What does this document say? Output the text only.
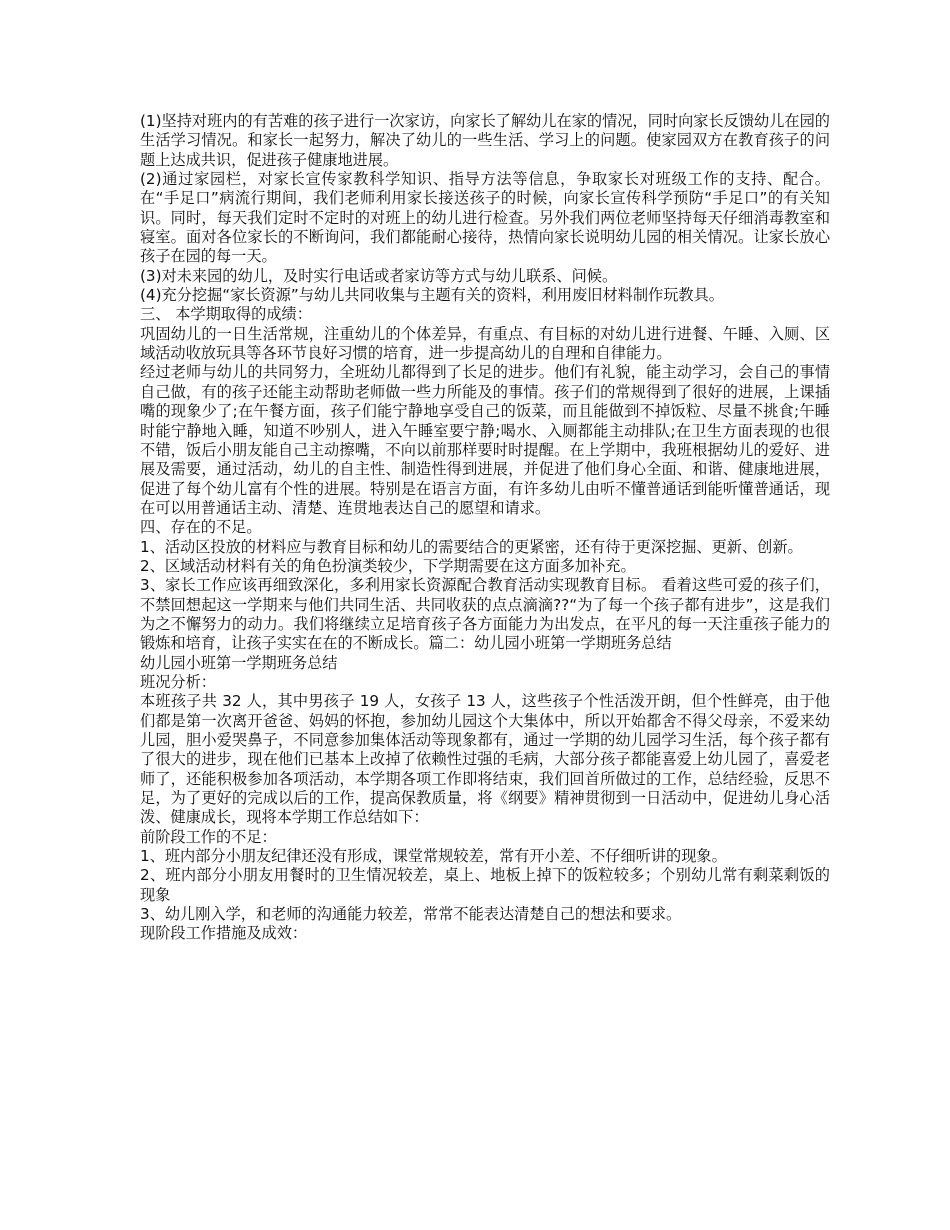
(1)坚持对班内的有苦难的孩子进行一次家访，向家长了解幼儿在家的情况，同时向家长反馈幼儿在园的生活学习情况。和家长一起努力，解决了幼儿的一些生活、学习上的问题。使家园双方在教育孩子的问题上达成共识，促进孩子健康地进展。

(2)通过家园栏，对家长宣传家教科学知识、指导方法等信息，争取家长对班级工作的支持、配合。在“手足口”病流行期间，我们老师利用家长接送孩子的时候，向家长宣传科学预防“手足口”的有关知识。同时，每天我们定时不定时的对班上的幼儿进行检查。另外我们两位老师坚持每天仔细消毒教室和寝室。面对各位家长的不断询问，我们都能耐心接待，热情向家长说明幼儿园的相关情况。让家长放心孩子在园的每一天。

(3)对未来园的幼儿，及时实行电话或者家访等方式与幼儿联系、问候。

(4)充分挖掘“家长资源”与幼儿共同收集与主题有关的资料，利用废旧材料制作玩教具。

三、 本学期取得的成绩：

巩固幼儿的一日生活常规，注重幼儿的个体差异，有重点、有目标的对幼儿进行进餐、午睡、入厕、区域活动收放玩具等各环节良好习惯的培育，进一步提高幼儿的自理和自律能力。

经过老师与幼儿的共同努力，全班幼儿都得到了长足的进步。他们有礼貌，能主动学习，会自己的事情自己做，有的孩子还能主动帮助老师做一些力所能及的事情。孩子们的常规得到了很好的进展，上课插嘴的现象少了;在午餐方面，孩子们能宁静地享受自己的饭菜，而且能做到不掉饭粒、尽量不挑食;午睡时能宁静地入睡，知道不吵别人，进入午睡室要宁静;喝水、入厕都能主动排队;在卫生方面表现的也很不错，饭后小朋友能自己主动擦嘴，不向以前那样要时时提醒。在上学期中，我班根据幼儿的爱好、进展及需要，通过活动，幼儿的自主性、制造性得到进展，并促进了他们身心全面、和谐、健康地进展，促进了每个幼儿富有个性的进展。特别是在语言方面，有许多幼儿由听不懂普通话到能听懂普通话，现在可以用普通话主动、清楚、连贯地表达自己的愿望和请求。

四、存在的不足。

1、活动区投放的材料应与教育目标和幼儿的需要结合的更紧密，还有待于更深挖掘、更新、创新。

2、区域活动材料有关的角色扮演类较少，下学期需要在这方面多加补充。

3、家长工作应该再细致深化，多利用家长资源配合教育活动实现教育目标。 看着这些可爱的孩子们，不禁回想起这一学期来与他们共同生活、共同收获的点点滴滴??“为了每一个孩子都有进步”，这是我们为之不懈努力的动力。我们将继续立足培育孩子各方面能力为出发点，在平凡的每一天注重孩子能力的锻炼和培育，让孩子实实在在的不断成长。篇二：幼儿园小班第一学期班务总结

幼儿园小班第一学期班务总结

班况分析：

本班孩子共 32 人，其中男孩子 19 人，女孩子 13 人，这些孩子个性活泼开朗，但个性鲜亮，由于他们都是第一次离开爸爸、妈妈的怀抱，参加幼儿园这个大集体中，所以开始都舍不得父母亲，不爱来幼儿园，胆小爱哭鼻子，不同意参加集体活动等现象都有，通过一学期的幼儿园学习生活，每个孩子都有了很大的进步，现在他们已基本上改掉了依赖性过强的毛病，大部分孩子都能喜爱上幼儿园了，喜爱老师了，还能积极参加各项活动，本学期各项工作即将结束，我们回首所做过的工作，总结经验，反思不足，为了更好的完成以后的工作，提高保教质量，将《纲要》精神贯彻到一日活动中，促进幼儿身心活泼、健康成长，现将本学期工作总结如下：

前阶段工作的不足：

1、班内部分小朋友纪律还没有形成，课堂常规较差，常有开小差、不仔细听讲的现象。

2、班内部分小朋友用餐时的卫生情况较差，桌上、地板上掉下的饭粒较多；个别幼儿常有剩菜剩饭的现象

3、幼儿刚入学，和老师的沟通能力较差，常常不能表达清楚自己的想法和要求。

现阶段工作措施及成效：
